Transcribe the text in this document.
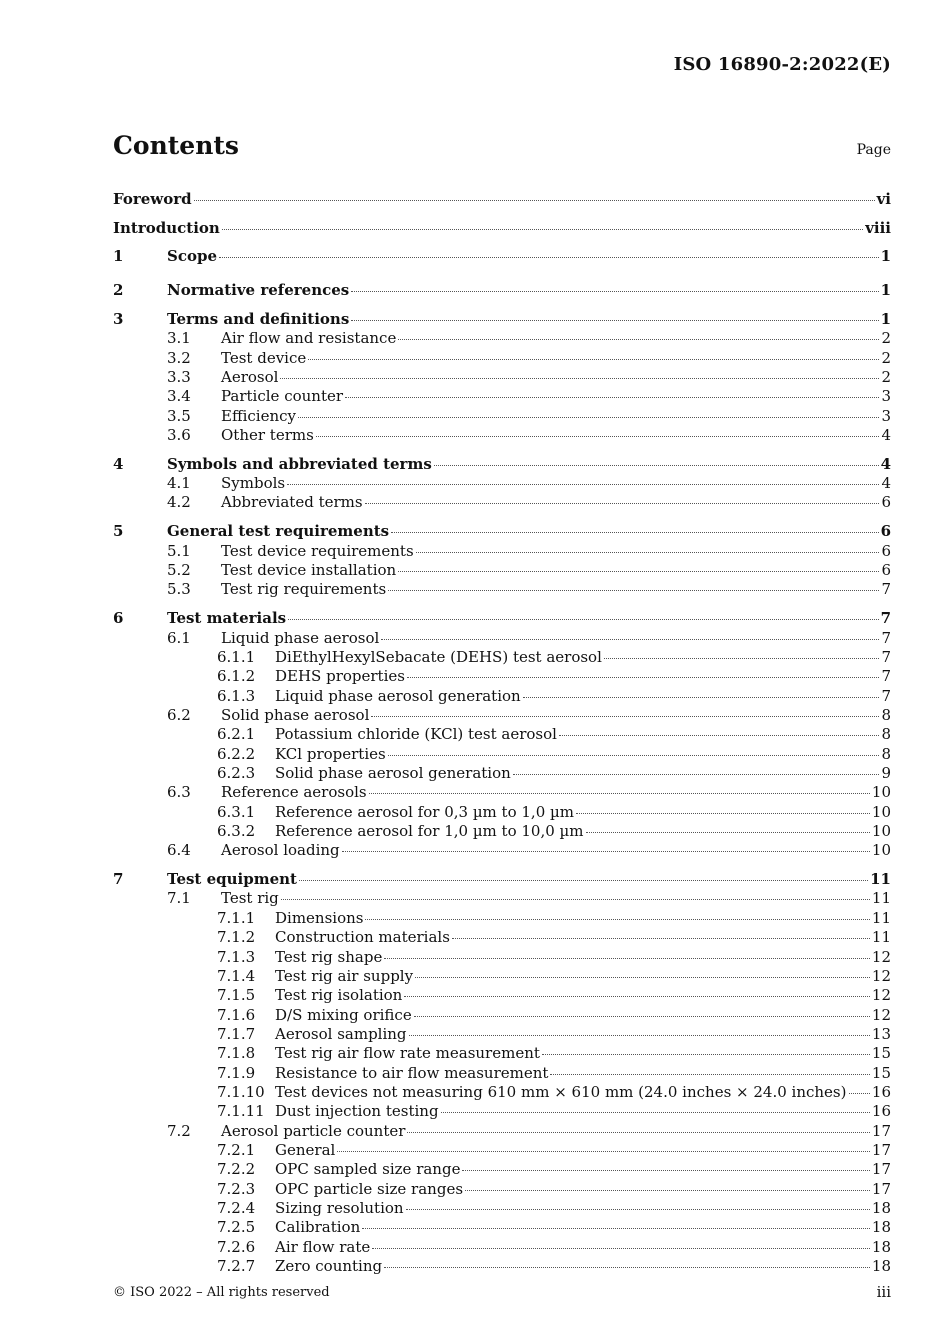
ISO 16890-2:2022(E)
Contents	Page
Foreword	vi
Introduction	viii
1	Scope	1
2	Normative references	1
3	Terms and definitions	1
3.1	Air flow and resistance	2
3.2	Test device	2
3.3	Aerosol	2
3.4	Particle counter	3
3.5	Efficiency	3
3.6	Other terms	4
4	Symbols and abbreviated terms	4
4.1	Symbols	4
4.2	Abbreviated terms	6
5	General test requirements	6
5.1	Test device requirements	6
5.2	Test device installation	6
5.3	Test rig requirements	7
6	Test materials	7
6.1	Liquid phase aerosol	7
6.1.1	DiEthylHexylSebacate (DEHS) test aerosol	7
6.1.2	DEHS properties	7
6.1.3	Liquid phase aerosol generation	7
6.2	Solid phase aerosol	8
6.2.1	Potassium chloride (KCl) test aerosol	8
6.2.2	KCl properties	8
6.2.3	Solid phase aerosol generation	9
6.3	Reference aerosols	10
6.3.1	Reference aerosol for 0,3 µm to 1,0 µm	10
6.3.2	Reference aerosol for 1,0 µm to 10,0 µm	10
6.4	Aerosol loading	10
7	Test equipment	11
7.1	Test rig	11
7.1.1	Dimensions	11
7.1.2	Construction materials	11
7.1.3	Test rig shape	12
7.1.4	Test rig air supply	12
7.1.5	Test rig isolation	12
7.1.6	D/S mixing orifice	12
7.1.7	Aerosol sampling	13
7.1.8	Test rig air flow rate measurement	15
7.1.9	Resistance to air flow measurement	15
7.1.10 Test devices not measuring 610 mm × 610 mm (24.0 inches × 24.0 inches) 16
7.1.11 Dust injection testing	16
7.2	Aerosol particle counter	17
7.2.1	General	17
7.2.2	OPC sampled size range	17
7.2.3	OPC particle size ranges	17
7.2.4	Sizing resolution	18
7.2.5	Calibration	18
7.2.6	Air flow rate	18
7.2.7	Zero counting	18
© ISO 2022 – All rights reserved	iii
